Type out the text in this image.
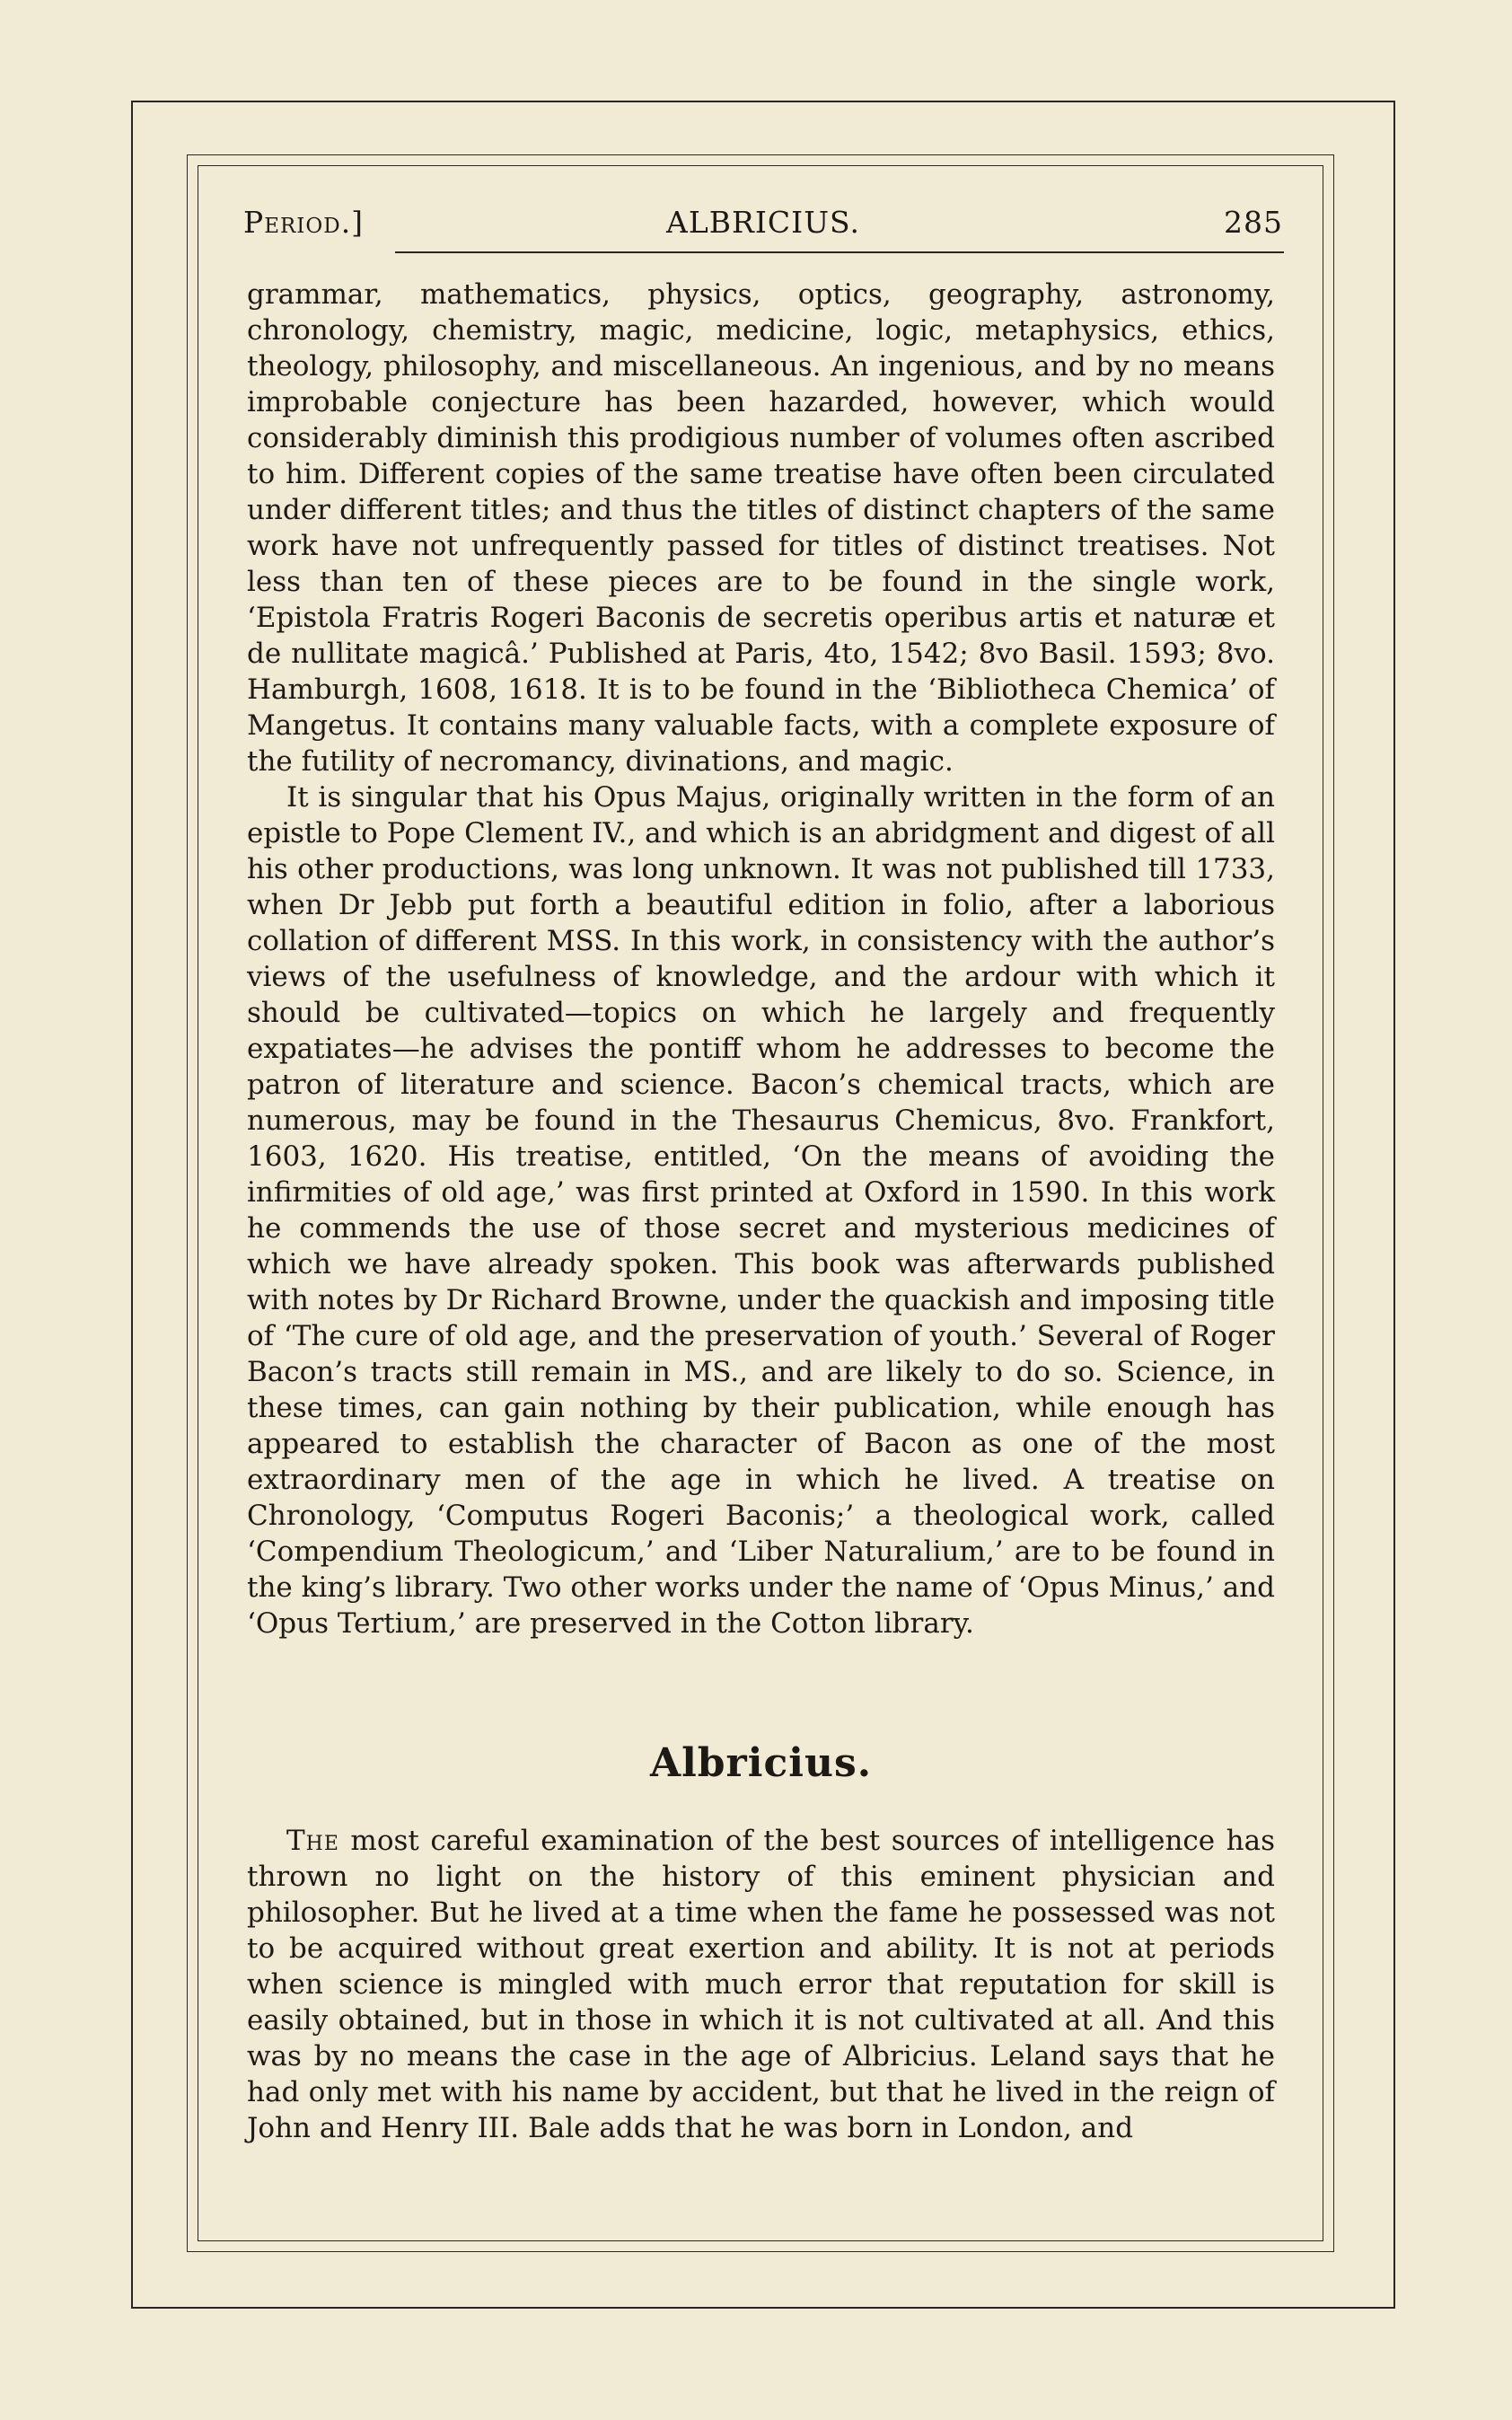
Period.]	ALBRICIUS.	285

grammar, mathematics, physics, optics, geography, astronomy, chronology, chemistry, magic, medicine, logic, metaphysics, ethics, theology, philosophy, and miscellaneous. An ingenious, and by no means improbable conjecture has been hazarded, however, which would considerably diminish this prodigious number of volumes often ascribed to him. Different copies of the same treatise have often been circulated under different titles; and thus the titles of distinct chapters of the same work have not unfrequently passed for titles of distinct treatises. Not less than ten of these pieces are to be found in the single work, ‘Epistola Fratris Rogeri Baconis de secretis operibus artis et naturæ et de nullitate magicâ.’ Published at Paris, 4to, 1542; 8vo Basil. 1593; 8vo. Hamburgh, 1608, 1618. It is to be found in the ‘Bibliotheca Chemica’ of Mangetus. It contains many valuable facts, with a complete exposure of the futility of necromancy, divinations, and magic.

It is singular that his Opus Majus, originally written in the form of an epistle to Pope Clement IV., and which is an abridgment and digest of all his other productions, was long unknown. It was not published till 1733, when Dr Jebb put forth a beautiful edition in folio, after a laborious collation of different MSS. In this work, in consistency with the author’s views of the usefulness of knowledge, and the ardour with which it should be cultivated—topics on which he largely and frequently expatiates—he advises the pontiff whom he addresses to become the patron of literature and science. Bacon’s chemical tracts, which are numerous, may be found in the Thesaurus Chemicus, 8vo. Frankfort, 1603, 1620. His treatise, entitled, ‘On the means of avoiding the infirmities of old age,’ was first printed at Oxford in 1590. In this work he commends the use of those secret and mysterious medicines of which we have already spoken. This book was afterwards published with notes by Dr Richard Browne, under the quackish and imposing title of ‘The cure of old age, and the preservation of youth.’ Several of Roger Bacon’s tracts still remain in MS., and are likely to do so. Science, in these times, can gain nothing by their publication, while enough has appeared to establish the character of Bacon as one of the most extraordinary men of the age in which he lived. A treatise on Chronology, ‘Computus Rogeri Baconis;’ a theological work, called ‘Compendium Theologicum,’ and ‘Liber Naturalium,’ are to be found in the king’s library. Two other works under the name of ‘Opus Minus,’ and ‘Opus Tertium,’ are preserved in the Cotton library.

Albricius.

The most careful examination of the best sources of intelligence has thrown no light on the history of this eminent physician and philosopher. But he lived at a time when the fame he possessed was not to be acquired without great exertion and ability. It is not at periods when science is mingled with much error that reputation for skill is easily obtained, but in those in which it is not cultivated at all. And this was by no means the case in the age of Albricius. Leland says that he had only met with his name by accident, but that he lived in the reign of John and Henry III. Bale adds that he was born in London, and
